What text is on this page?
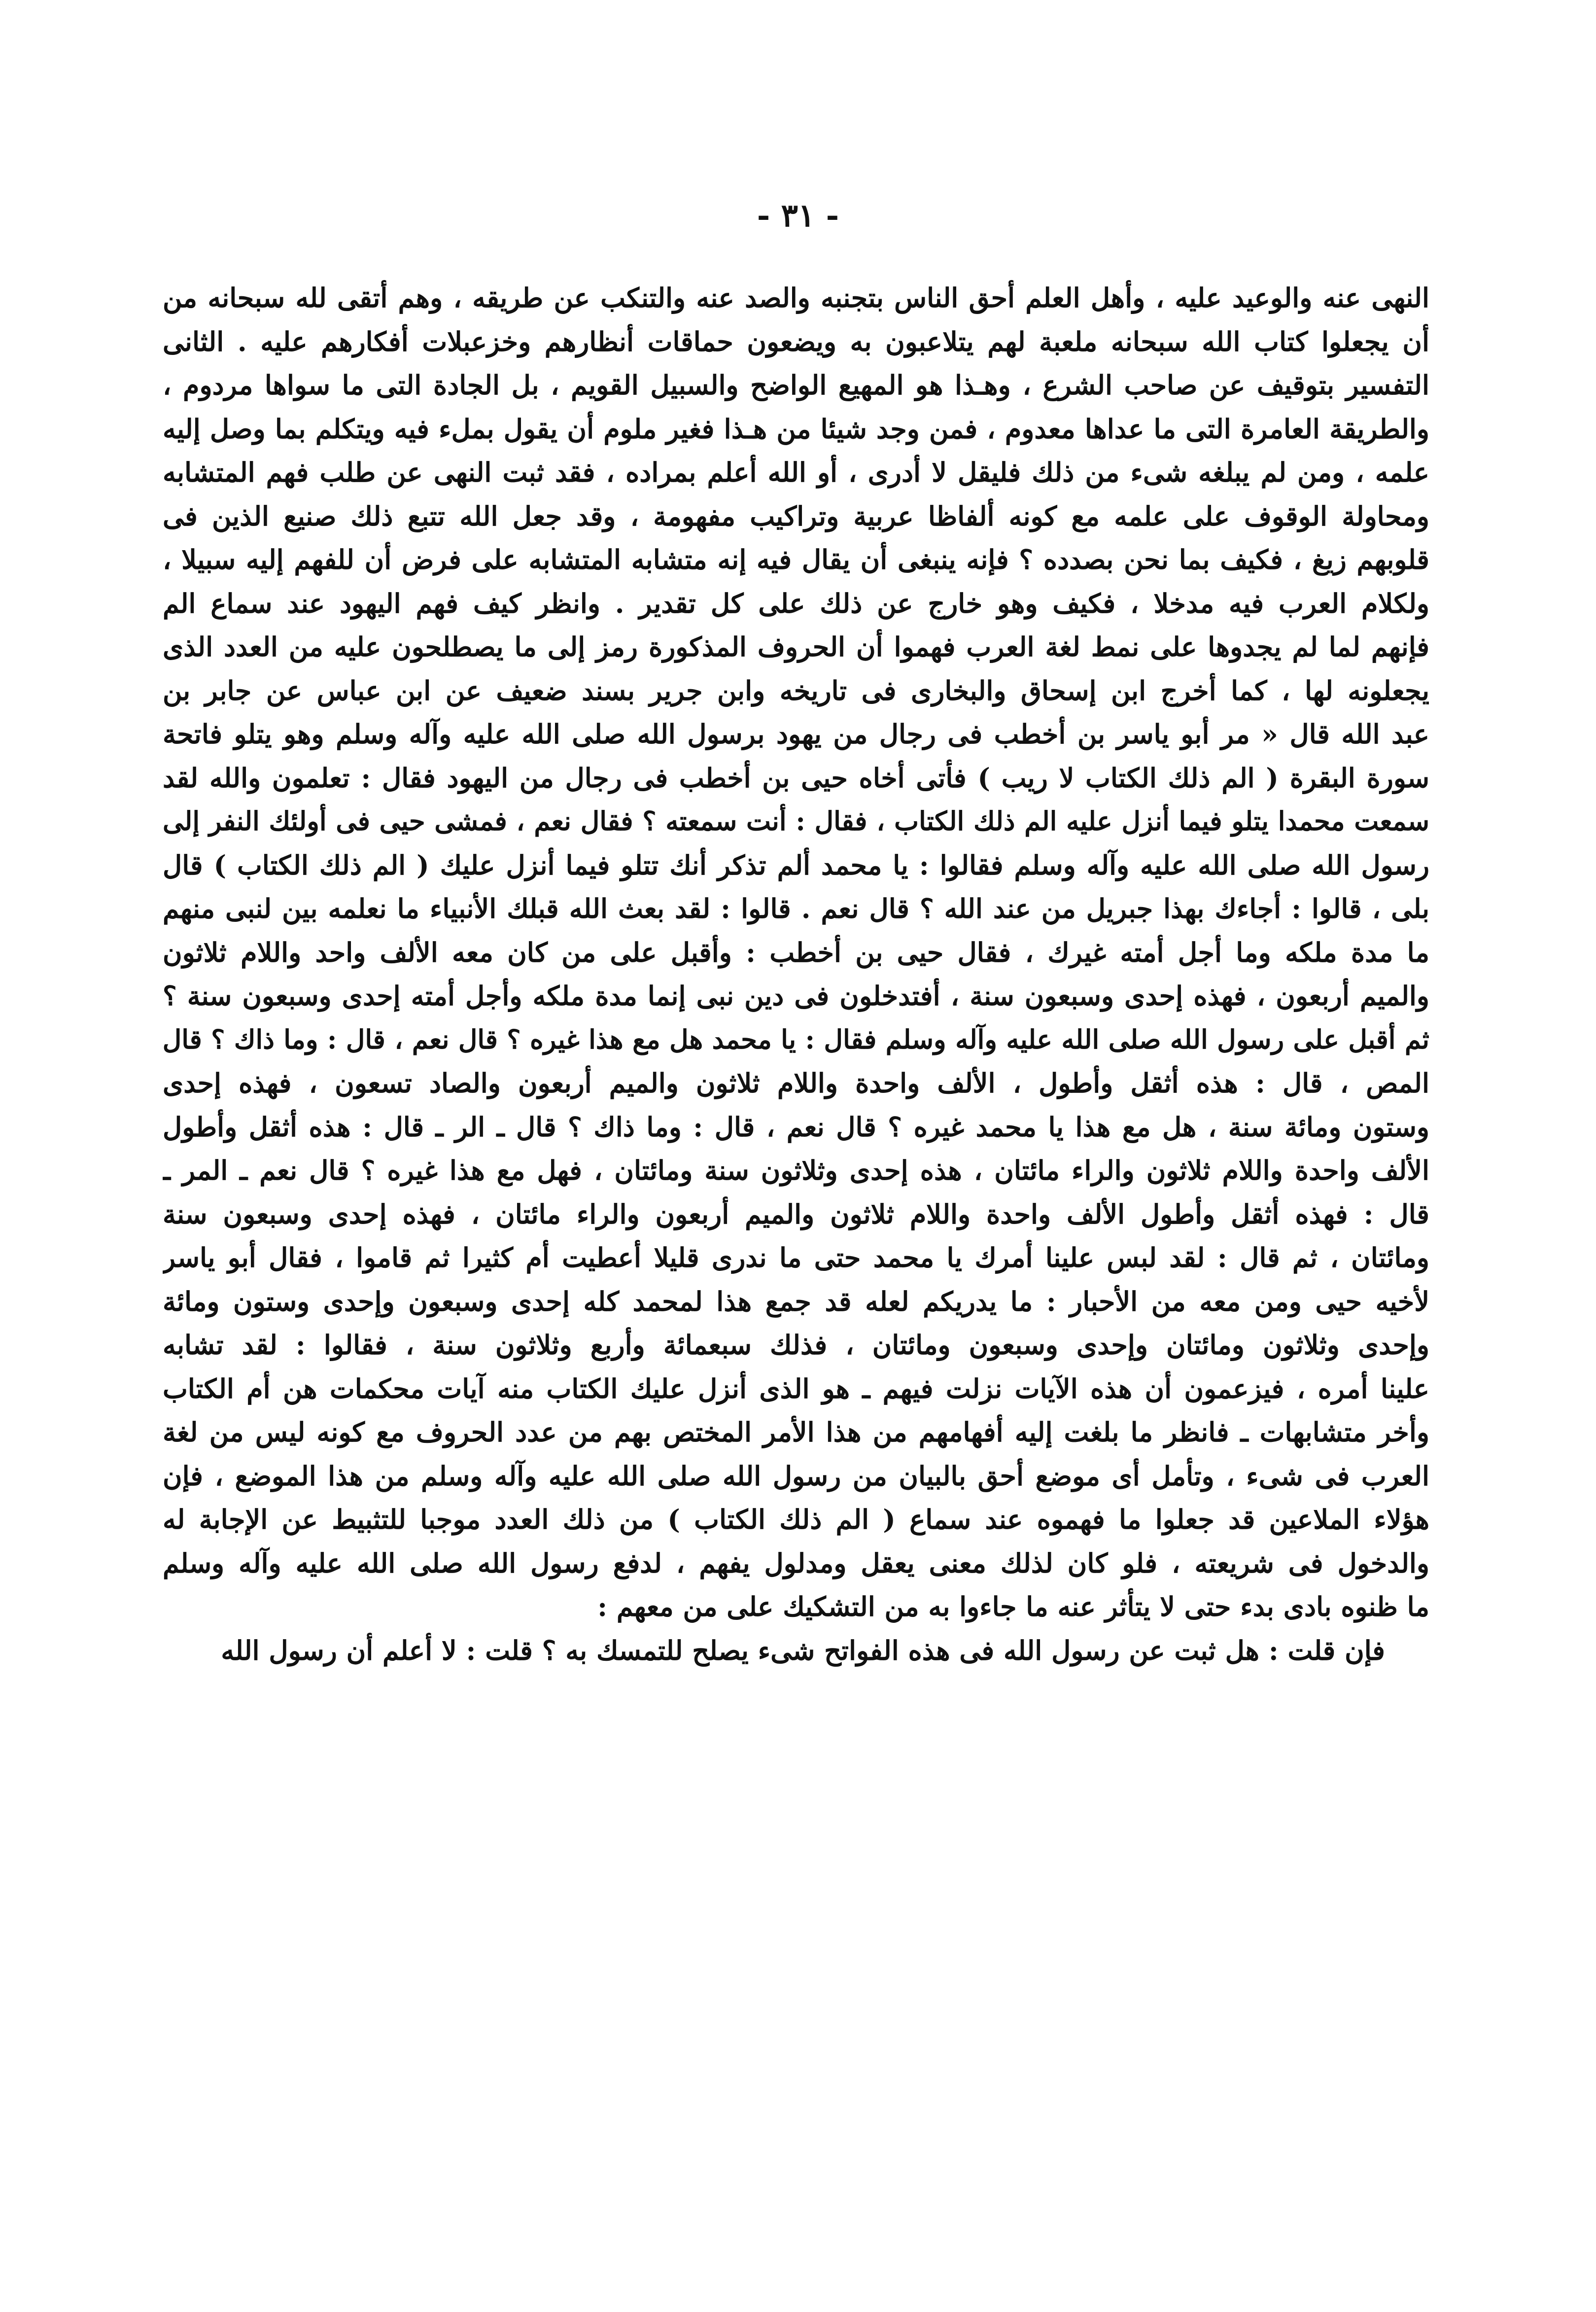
- ٣١ -
النهى عنه والوعيد عليه ، وأهل العلم أحق الناس بتجنبه والصد عنه والتنكب عن طريقه ، وهم أتقى لله سبحانه من
أن يجعلوا كتاب الله سبحانه ملعبة لهم يتلاعبون به ويضعون حماقات أنظارهم وخزعبلات أفكارهم عليه . الثانى
التفسير بتوقيف عن صاحب الشرع ، وهـذا هو المهيع الواضح والسبيل القويم ، بل الجادة التى ما سواها مردوم ،
والطريقة العامرة التى ما عداها معدوم ، فمن وجد شيئا من هـذا فغير ملوم أن يقول بملء فيه ويتكلم بما وصل إليه
علمه ، ومن لم يبلغه شىء من ذلك فليقل لا أدرى ، أو الله أعلم بمراده ، فقد ثبت النهى عن طلب فهم المتشابه
ومحاولة الوقوف على علمه مع كونه ألفاظا عربية وتراكيب مفهومة ، وقد جعل الله تتبع ذلك صنيع الذين فى
قلوبهم زيغ ، فكيف بما نحن بصدده ؟ فإنه ينبغى أن يقال فيه إنه متشابه المتشابه على فرض أن للفهم إليه سبيلا ،
ولكلام العرب فيه مدخلا ، فكيف وهو خارج عن ذلك على كل تقدير . وانظر كيف فهم اليهود عند سماع الم
فإنهم لما لم يجدوها على نمط لغة العرب فهموا أن الحروف المذكورة رمز إلى ما يصطلحون عليه من العدد الذى
يجعلونه لها ، كما أخرج ابن إسحاق والبخارى فى تاريخه وابن جرير بسند ضعيف عن ابن عباس عن جابر بن
عبد الله قال « مر أبو ياسر بن أخطب فى رجال من يهود برسول الله صلى الله عليه وآله وسلم وهو يتلو فاتحة
سورة البقرة ( الم ذلك الكتاب لا ريب ) فأتى أخاه حيى بن أخطب فى رجال من اليهود فقال : تعلمون والله لقد
سمعت محمدا يتلو فيما أنزل عليه الم ذلك الكتاب ، فقال : أنت سمعته ؟ فقال نعم ، فمشى حيى فى أولئك النفر إلى
رسول الله صلى الله عليه وآله وسلم فقالوا : يا محمد ألم تذكر أنك تتلو فيما أنزل عليك ( الم ذلك الكتاب ) قال
بلى ، قالوا : أجاءك بهذا جبريل من عند الله ؟ قال نعم . قالوا : لقد بعث الله قبلك الأنبياء ما نعلمه بين لنبى منهم
ما مدة ملكه وما أجل أمته غيرك ، فقال حيى بن أخطب : وأقبل على من كان معه الألف واحد واللام ثلاثون
والميم أربعون ، فهذه إحدى وسبعون سنة ، أفتدخلون فى دين نبى إنما مدة ملكه وأجل أمته إحدى وسبعون سنة ؟
ثم أقبل على رسول الله صلى الله عليه وآله وسلم فقال : يا محمد هل مع هذا غيره ؟ قال نعم ، قال : وما ذاك ؟ قال
المص ، قال : هذه أثقل وأطول ، الألف واحدة واللام ثلاثون والميم أربعون والصاد تسعون ، فهذه إحدى
وستون ومائة سنة ، هل مع هذا يا محمد غيره ؟ قال نعم ، قال : وما ذاك ؟ قال ـ الر ـ قال : هذه أثقل وأطول
الألف واحدة واللام ثلاثون والراء مائتان ، هذه إحدى وثلاثون سنة ومائتان ، فهل مع هذا غيره ؟ قال نعم ـ المر ـ
قال : فهذه أثقل وأطول الألف واحدة واللام ثلاثون والميم أربعون والراء مائتان ، فهذه إحدى وسبعون سنة
ومائتان ، ثم قال : لقد لبس علينا أمرك يا محمد حتى ما ندرى قليلا أعطيت أم كثيرا ثم قاموا ، فقال أبو ياسر
لأخيه حيى ومن معه من الأحبار : ما يدريكم لعله قد جمع هذا لمحمد كله إحدى وسبعون وإحدى وستون ومائة
وإحدى وثلاثون ومائتان وإحدى وسبعون ومائتان ، فذلك سبعمائة وأربع وثلاثون سنة ، فقالوا : لقد تشابه
علينا أمره ، فيزعمون أن هذه الآيات نزلت فيهم ـ هو الذى أنزل عليك الكتاب منه آيات محكمات هن أم الكتاب
وأخر متشابهات ـ فانظر ما بلغت إليه أفهامهم من هذا الأمر المختص بهم من عدد الحروف مع كونه ليس من لغة
العرب فى شىء ، وتأمل أى موضع أحق بالبيان من رسول الله صلى الله عليه وآله وسلم من هذا الموضع ، فإن
هؤلاء الملاعين قد جعلوا ما فهموه عند سماع ( الم ذلك الكتاب ) من ذلك العدد موجبا للتثبيط عن الإجابة له
والدخول فى شريعته ، فلو كان لذلك معنى يعقل ومدلول يفهم ، لدفع رسول الله صلى الله عليه وآله وسلم
ما ظنوه بادى بدء حتى لا يتأثر عنه ما جاءوا به من التشكيك على من معهم :
فإن قلت : هل ثبت عن رسول الله فى هذه الفواتح شىء يصلح للتمسك به ؟ قلت : لا أعلم أن رسول الله
